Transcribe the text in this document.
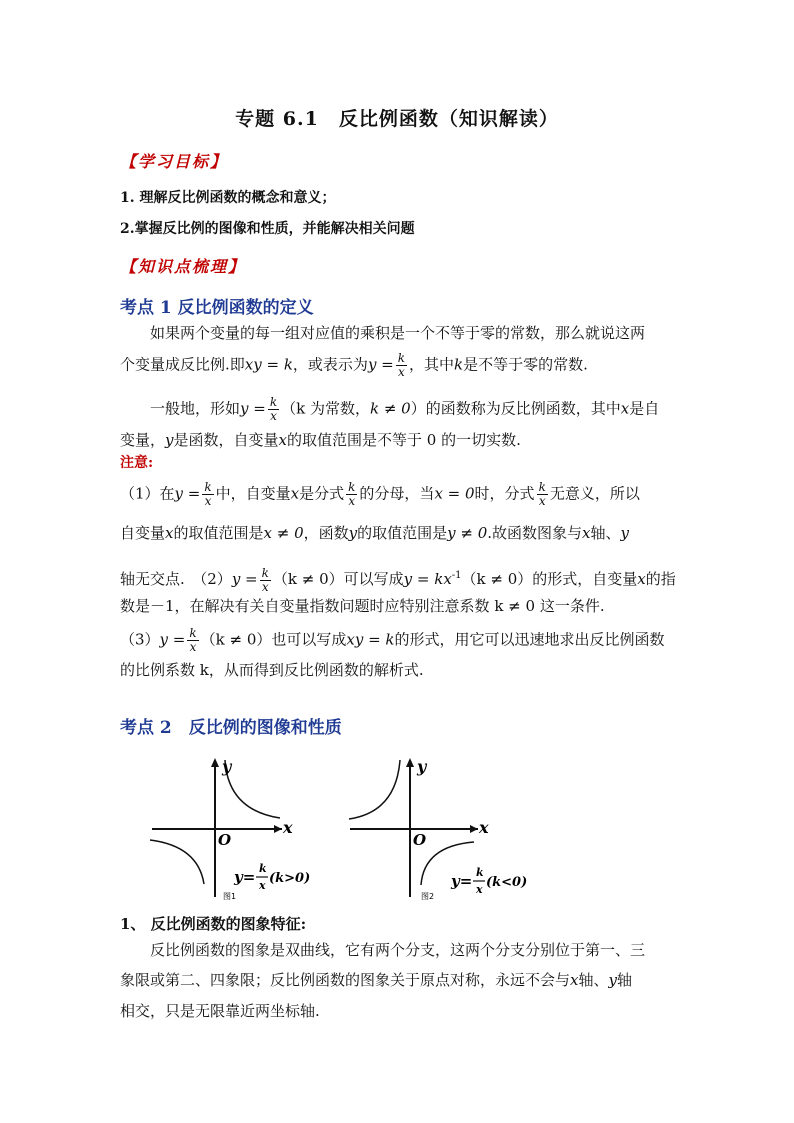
专题 6.1　反比例函数（知识解读）
【学习目标】
1. 理解反比例函数的概念和意义；
2.掌握反比例的图像和性质，并能解决相关问题
【知识点梳理】
考点 1 反比例函数的定义
如果两个变量的每一组对应值的乘积是一个不等于零的常数，那么就说这两
个变量成反比例.即xy = k，或表示为$y = \frac{k}{x}$ ，其中k是不等于零的常数.
一般地，形如$y = \frac{k}{x} (k$ 为常数，k ≠ 0）的函数称为反比例函数，其中x是自
变量，y是函数，自变量x的取值范围是不等于 0 的一切实数.
注意:
（1）在$y = \frac{k}{x}$ 中，自变量x是分式 $\frac{k}{x}$ 的分母，当x = 0时，分式 $\frac{k}{x}$ 无意义，所以
自变量x的取值范围是x ≠ 0，函数y的取值范围是y ≠ 0.故函数图象与x轴、y
轴无交点.　$(2)y = \frac{k}{x} (k \ne 0)$可以写成$y = kx^{-1}(k \ne 0)$的形式，自变量x的指
数是－1，在解决有关自变量指数问题时应特别注意系数 k ≠ 0 这一条件.
$(3)y = \frac{k}{x} (k \ne 0)$也可以写成xy = k的形式，用它可以迅速地求出反比例函数
的比例系数 k，从而得到反比例函数的解析式.
考点 2　反比例的图像和性质
y
x
O
y= k
x (k>0)
图1
y
x
O
y= k
x (k<0)
图2
1、 反比例函数的图象特征:
反比例函数的图象是双曲线，它有两个分支，这两个分支分别位于第一、三
象限或第二、四象限；反比例函数的图象关于原点对称，永远不会与x轴、y轴
相交，只是无限靠近两坐标轴.
